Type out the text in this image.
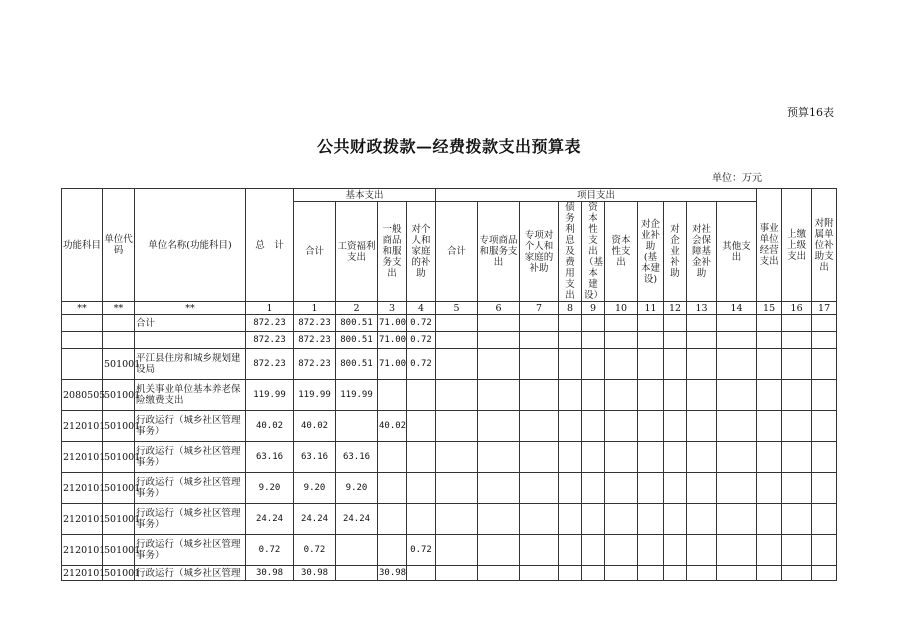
预算16表
公共财政拨款—经费拨款支出预算表
单位：万元
功能科目	单位代码	单位名称(功能科目)	总　计	基本支出				项目支出										事业单位经营支出	上缴上级支出	对附属单位补助支出
				合计	工资福利支出	一般商品和服务支出	对个人和家庭的补助	合计	专项商品和服务支出	专项对个人和家庭的补助	债务利息及费用支出	资本性支出（基本建设）	资本性支出	对企业补助(基本建设)	对企业补助	对社会保障基金补助	其他支出			
**	**	**	1	1	2	3	4	5	6	7	8	9	10	11	12	13	14	15	16	17
		合计	872.23	872.23	800.51	71.00	0.72													
			872.23	872.23	800.51	71.00	0.72													
	501001	平江县住房和城乡规划建设局	872.23	872.23	800.51	71.00	0.72													
2080505	501001	机关事业单位基本养老保险缴费支出	119.99	119.99	119.99															
2120101	501001	行政运行（城乡社区管理事务）	40.02	40.02		40.02														
2120101	501001	行政运行（城乡社区管理事务）	63.16	63.16	63.16															
2120101	501001	行政运行（城乡社区管理事务）	9.20	9.20	9.20															
2120101	501001	行政运行（城乡社区管理事务）	24.24	24.24	24.24															
2120101	501001	行政运行（城乡社区管理事务）	0.72	0.72			0.72													
2120101	501001	行政运行（城乡社区管理	30.98	30.98		30.98														
